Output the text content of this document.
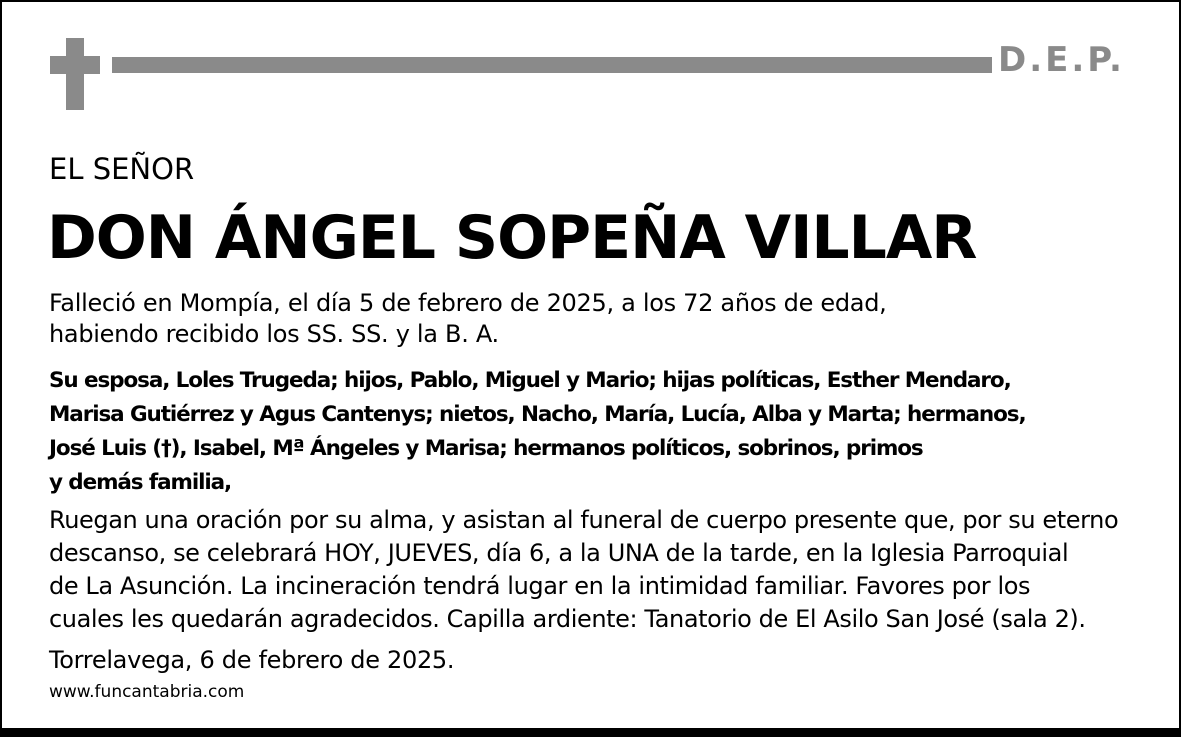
D.E.P.
EL SEÑOR
DON ÁNGEL SOPEÑA VILLAR
Falleció en Mompía, el día 5 de febrero de 2025, a los 72 años de edad,
habiendo recibido los SS. SS. y la B. A.
Su esposa, Loles Trugeda; hijos, Pablo, Miguel y Mario; hijas políticas, Esther Mendaro,
Marisa Gutiérrez y Agus Cantenys; nietos, Nacho, María, Lucía, Alba y Marta; hermanos,
José Luis (†), Isabel, Mª Ángeles y Marisa; hermanos políticos, sobrinos, primos
y demás familia,
Ruegan una oración por su alma, y asistan al funeral de cuerpo presente que, por su eterno
descanso, se celebrará HOY, JUEVES, día 6, a la UNA de la tarde, en la Iglesia Parroquial
de La Asunción. La incineración tendrá lugar en la intimidad familiar. Favores por los
cuales les quedarán agradecidos. Capilla ardiente: Tanatorio de El Asilo San José (sala 2).
Torrelavega, 6 de febrero de 2025.
www.funcantabria.com
